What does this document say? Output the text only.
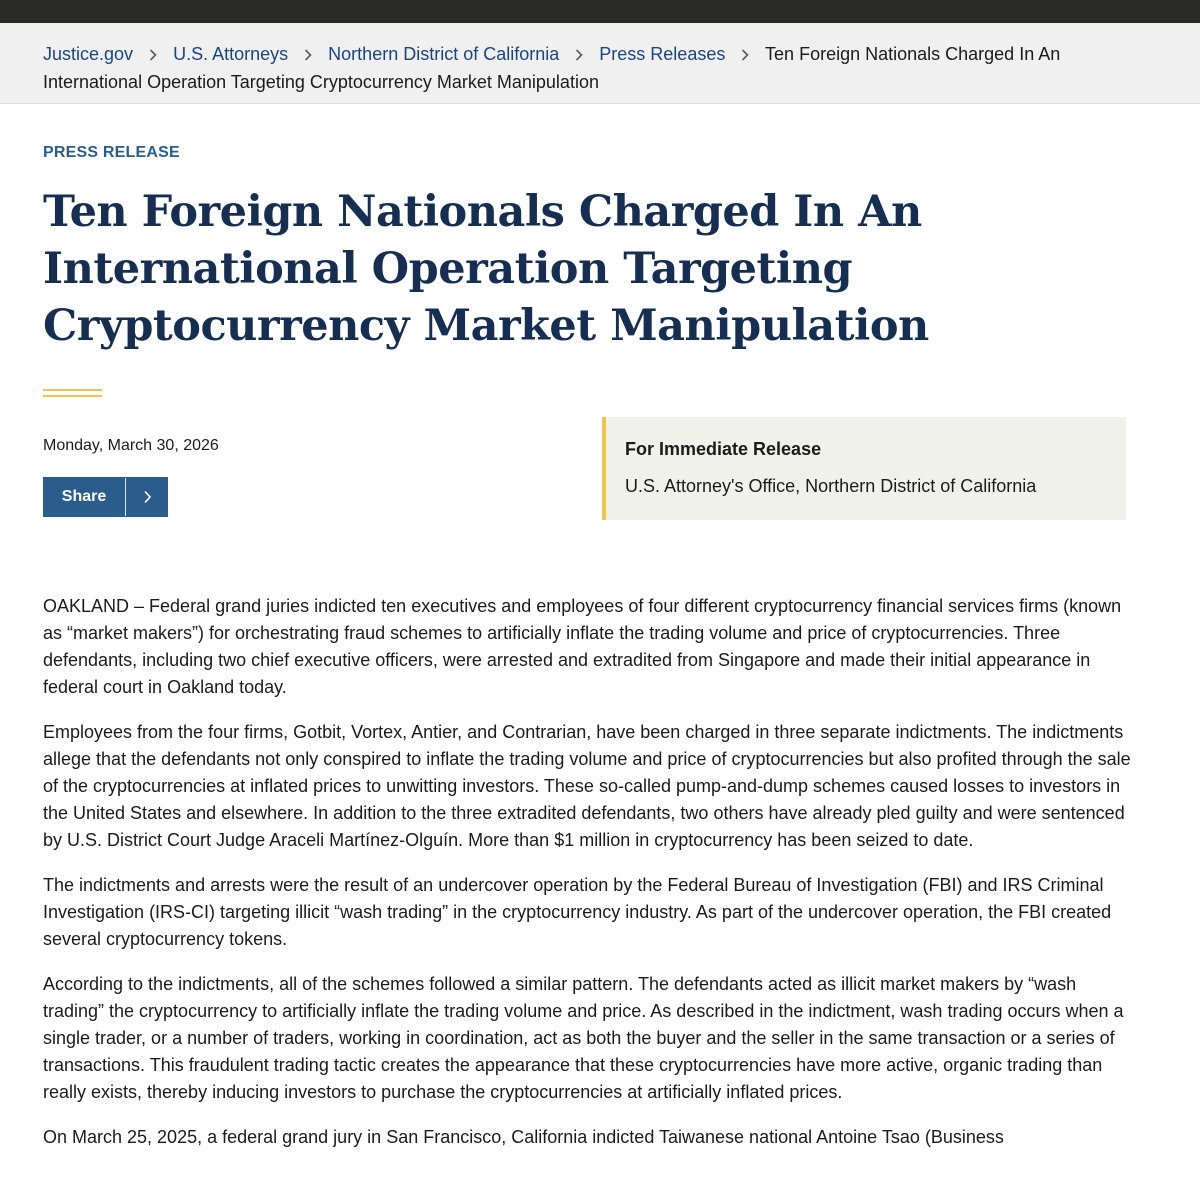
Justice.gov U.S. Attorneys Northern District of California Press Releases Ten Foreign Nationals Charged In An International Operation Targeting Cryptocurrency Market Manipulation
PRESS RELEASE
Ten Foreign Nationals Charged In An International Operation Targeting Cryptocurrency Market Manipulation
Monday, March 30, 2026
Share
For Immediate Release
U.S. Attorney's Office, Northern District of California

OAKLAND – Federal grand juries indicted ten executives and employees of four different cryptocurrency financial services firms (known as “market makers”) for orchestrating fraud schemes to artificially inflate the trading volume and price of cryptocurrencies. Three defendants, including two chief executive officers, were arrested and extradited from Singapore and made their initial appearance in federal court in Oakland today.

Employees from the four firms, Gotbit, Vortex, Antier, and Contrarian, have been charged in three separate indictments. The indictments allege that the defendants not only conspired to inflate the trading volume and price of cryptocurrencies but also profited through the sale of the cryptocurrencies at inflated prices to unwitting investors. These so-called pump-and-dump schemes caused losses to investors in the United States and elsewhere. In addition to the three extradited defendants, two others have already pled guilty and were sentenced by U.S. District Court Judge Araceli Martínez-Olguín. More than $1 million in cryptocurrency has been seized to date.

The indictments and arrests were the result of an undercover operation by the Federal Bureau of Investigation (FBI) and IRS Criminal Investigation (IRS-CI) targeting illicit “wash trading” in the cryptocurrency industry. As part of the undercover operation, the FBI created several cryptocurrency tokens.

According to the indictments, all of the schemes followed a similar pattern. The defendants acted as illicit market makers by “wash trading” the cryptocurrency to artificially inflate the trading volume and price. As described in the indictment, wash trading occurs when a single trader, or a number of traders, working in coordination, act as both the buyer and the seller in the same transaction or a series of transactions. This fraudulent trading tactic creates the appearance that these cryptocurrencies have more active, organic trading than really exists, thereby inducing investors to purchase the cryptocurrencies at artificially inflated prices.

On March 25, 2025, a federal grand jury in San Francisco, California indicted Taiwanese national Antoine Tsao (Business
